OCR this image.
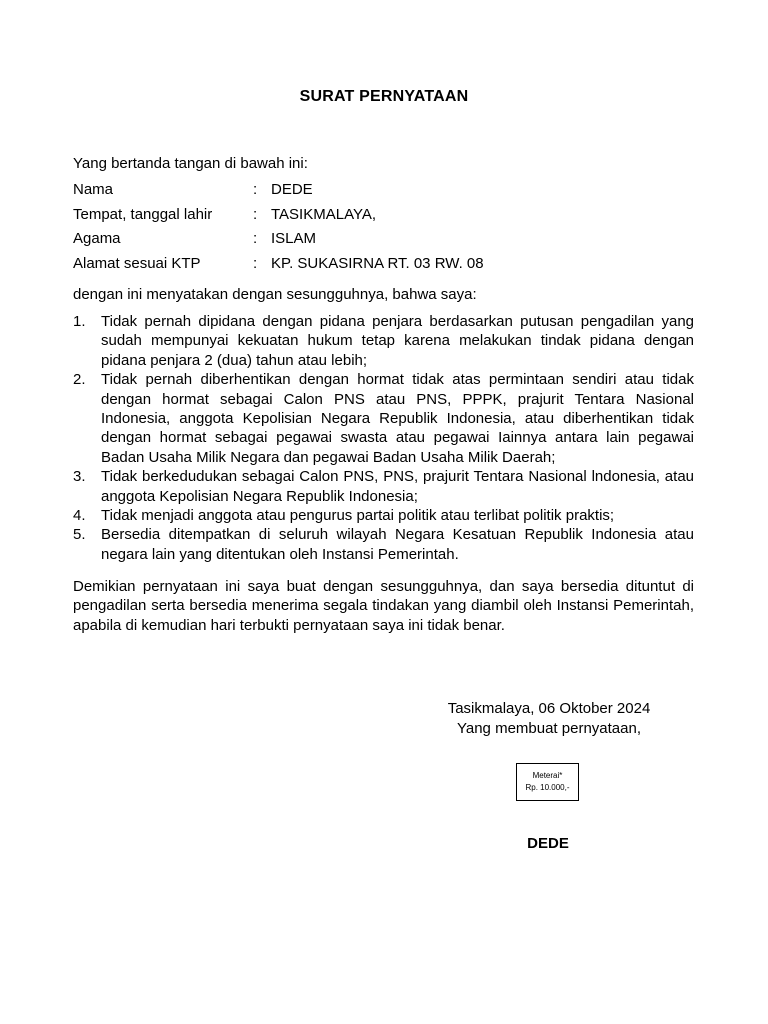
SURAT PERNYATAAN
Yang bertanda tangan di bawah ini:
Nama	: DEDE
Tempat, tanggal lahir	: TASIKMALAYA,
Agama	: ISLAM
Alamat sesuai KTP	: KP. SUKASIRNA RT. 03 RW. 08
dengan ini menyatakan dengan sesungguhnya, bahwa saya:
1.	Tidak pernah dipidana dengan pidana penjara berdasarkan putusan pengadilan yang sudah mempunyai kekuatan hukum tetap karena melakukan tindak pidana dengan pidana penjara 2 (dua) tahun atau lebih;
2.	Tidak pernah diberhentikan dengan hormat tidak atas permintaan sendiri atau tidak dengan hormat sebagai Calon PNS atau PNS, PPPK, prajurit Tentara Nasional Indonesia, anggota Kepolisian Negara Republik Indonesia, atau diberhentikan tidak dengan hormat sebagai pegawai swasta atau pegawai Iainnya antara lain pegawai Badan Usaha Milik Negara dan pegawai Badan Usaha Milik Daerah;
3.	Tidak berkedudukan sebagai Calon PNS, PNS, prajurit Tentara Nasional lndonesia, atau anggota Kepolisian Negara Republik Indonesia;
4.	Tidak menjadi anggota atau pengurus partai politik atau terlibat politik praktis;
5.	Bersedia ditempatkan di seluruh wilayah Negara Kesatuan Republik Indonesia atau negara lain yang ditentukan oleh Instansi Pemerintah.
Demikian pernyataan ini saya buat dengan sesungguhnya, dan saya bersedia dituntut di pengadilan serta bersedia menerima segala tindakan yang diambil oleh Instansi Pemerintah, apabila di kemudian hari terbukti pernyataan saya ini tidak benar.
Tasikmalaya, 06 Oktober 2024
Yang membuat pernyataan,
Meterai*
Rp. 10.000,-
DEDE
